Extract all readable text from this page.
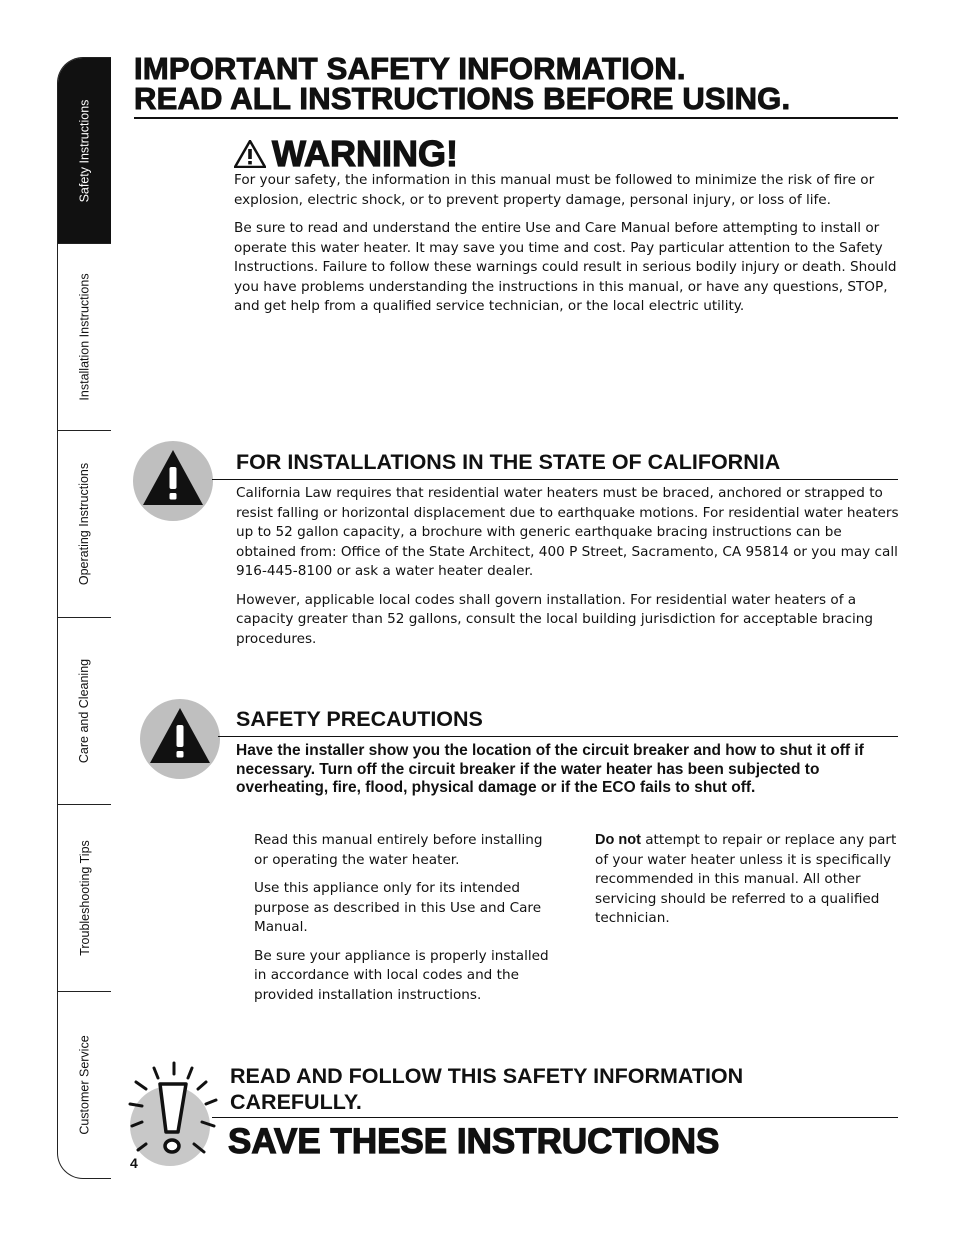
Safety Instructions
Installation Instructions
Operating Instructions
Care and Cleaning
Troubleshooting Tips
Customer Service
IMPORTANT SAFETY INFORMATION.
READ ALL INSTRUCTIONS BEFORE USING.
WARNING!

For your safety, the information in this manual must be followed to minimize the risk of fire or explosion, electric shock, or to prevent property damage, personal injury, or loss of life.

Be sure to read and understand the entire Use and Care Manual before attempting to install or operate this water heater. It may save you time and cost. Pay particular attention to the Safety Instructions. Failure to follow these warnings could result in serious bodily injury or death. Should you have problems understanding the instructions in this manual, or have any questions, STOP, and get help from a qualified service technician, or the local electric utility.

FOR INSTALLATIONS IN THE STATE OF CALIFORNIA

California Law requires that residential water heaters must be braced, anchored or strapped to resist falling or horizontal displacement due to earthquake motions. For residential water heaters up to 52 gallon capacity, a brochure with generic earthquake bracing instructions can be obtained from: Office of the State Architect, 400 P Street, Sacramento, CA 95814 or you may call 916-445-8100 or ask a water heater dealer.

However, applicable local codes shall govern installation. For residential water heaters of a capacity greater than 52 gallons, consult the local building jurisdiction for acceptable bracing procedures.

SAFETY PRECAUTIONS
Have the installer show you the location of the circuit breaker and how to shut it off if necessary. Turn off the circuit breaker if the water heater has been subjected to overheating, fire, flood, physical damage or if the ECO fails to shut off.

Read this manual entirely before installing or operating the water heater.

Use this appliance only for its intended purpose as described in this Use and Care Manual.

Be sure your appliance is properly installed in accordance with local codes and the provided installation instructions.

Do not attempt to repair or replace any part of your water heater unless it is specifically recommended in this manual. All other servicing should be referred to a qualified technician.

READ AND FOLLOW THIS SAFETY INFORMATION
CAREFULLY.
SAVE THESE INSTRUCTIONS
4
